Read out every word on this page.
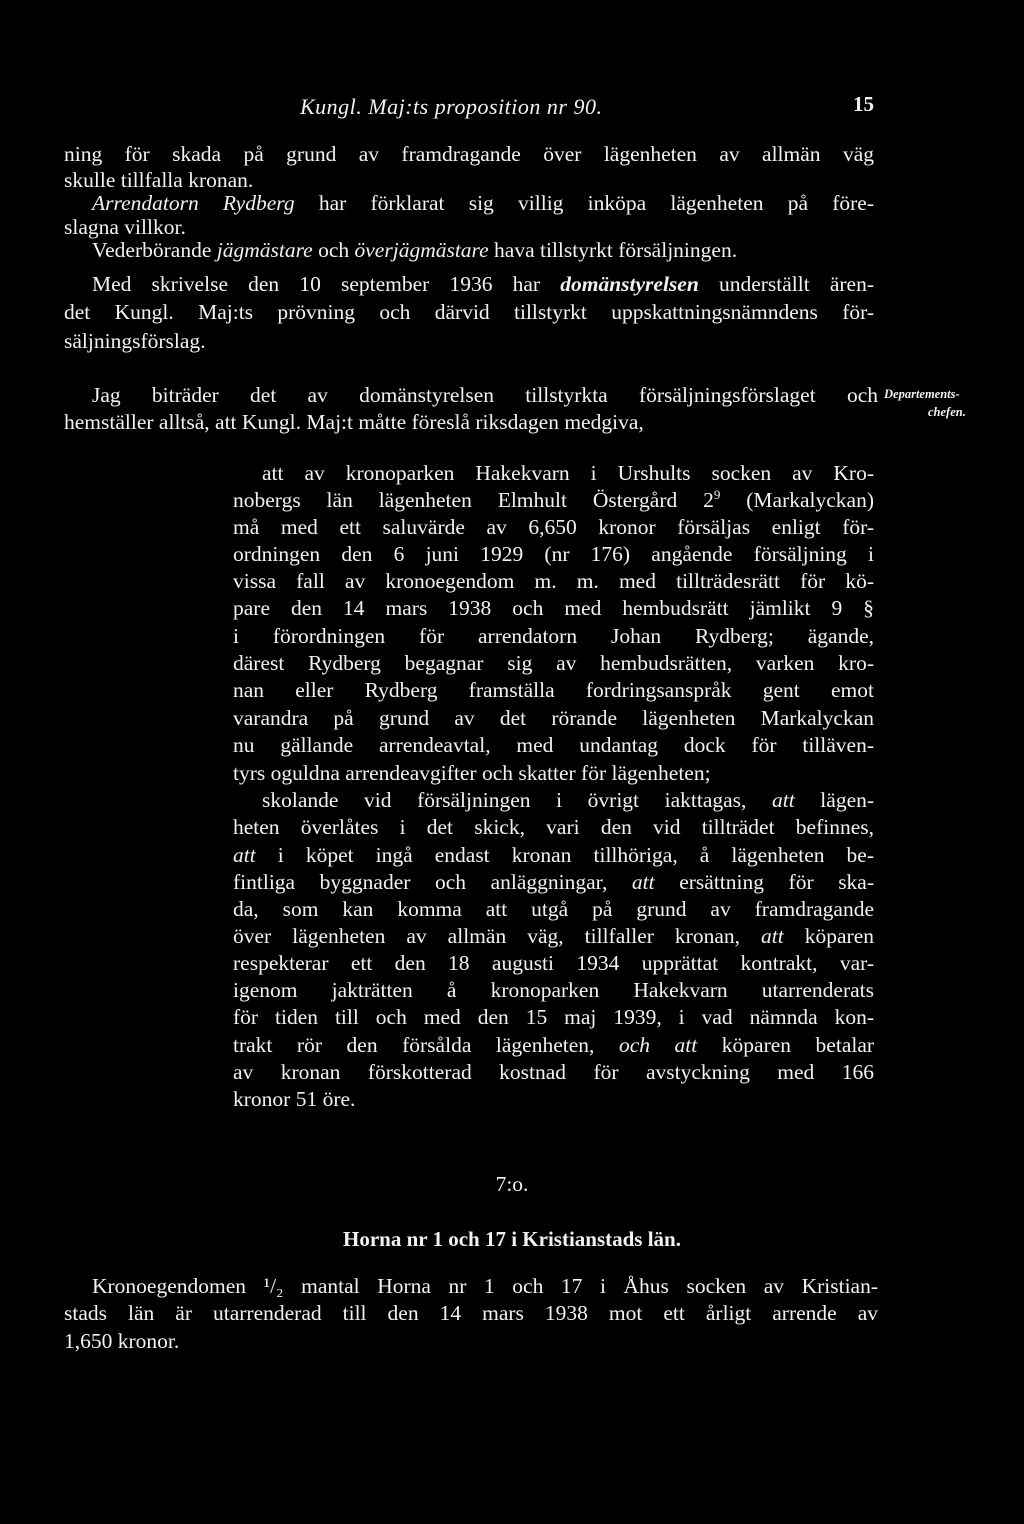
Kungl. Maj:ts proposition nr 90.	15
ning för skada på grund av framdragande över lägenheten av allmän väg
skulle tillfalla kronan.
Arrendatorn Rydberg har förklarat sig villig inköpa lägenheten på före-
slagna villkor.
Vederbörande jägmästare och överjägmästare hava tillstyrkt försäljningen.
Med skrivelse den 10 september 1936 har domänstyrelsen underställt ären-
det Kungl. Maj:ts prövning och därvid tillstyrkt uppskattningsnämndens för-
säljningsförslag.
Jag biträder det av domänstyrelsen tillstyrkta försäljningsförslaget och
hemställer alltså, att Kungl. Maj:t måtte föreslå riksdagen medgiva,
Departements-
chefen.
att av kronoparken Hakekvarn i Urshults socken av Kro-
nobergs län lägenheten Elmhult Östergård $2^9$ (Markalyckan)
må med ett saluvärde av 6,650 kronor försäljas enligt för-
ordningen den 6 juni 1929 (nr 176) angående försäljning i
vissa fall av kronoegendom m. m. med tillträdesrätt för kö-
pare den 14 mars 1938 och med hembudsrätt jämlikt 9 §
i förordningen för arrendatorn Johan Rydberg; ägande,
därest Rydberg begagnar sig av hembudsrätten, varken kro-
nan eller Rydberg framställa fordringsanspråk gent emot
varandra på grund av det rörande lägenheten Markalyckan
nu gällande arrendeavtal, med undantag dock för tilläven-
tyrs oguldna arrendeavgifter och skatter för lägenheten;
skolande vid försäljningen i övrigt iakttagas, att lägen-
heten överlåtes i det skick, vari den vid tillträdet befinnes,
att i köpet ingå endast kronan tillhöriga, å lägenheten be-
fintliga byggnader och anläggningar, att ersättning för ska-
da, som kan komma att utgå på grund av framdragande
över lägenheten av allmän väg, tillfaller kronan, att köparen
respekterar ett den 18 augusti 1934 upprättat kontrakt, var-
igenom jakträtten å kronoparken Hakekvarn utarrenderats
för tiden till och med den 15 maj 1939, i vad nämnda kon-
trakt rör den försålda lägenheten, och att köparen betalar
av kronan förskotterad kostnad för avstyckning med 166
kronor 51 öre.
7:o.
Horna nr 1 och 17 i Kristianstads län.
Kronoegendomen ¹/₂ mantal Horna nr 1 och 17 i Åhus socken av Kristian-
stads län är utarrenderad till den 14 mars 1938 mot ett årligt arrende av
1,650 kronor.
